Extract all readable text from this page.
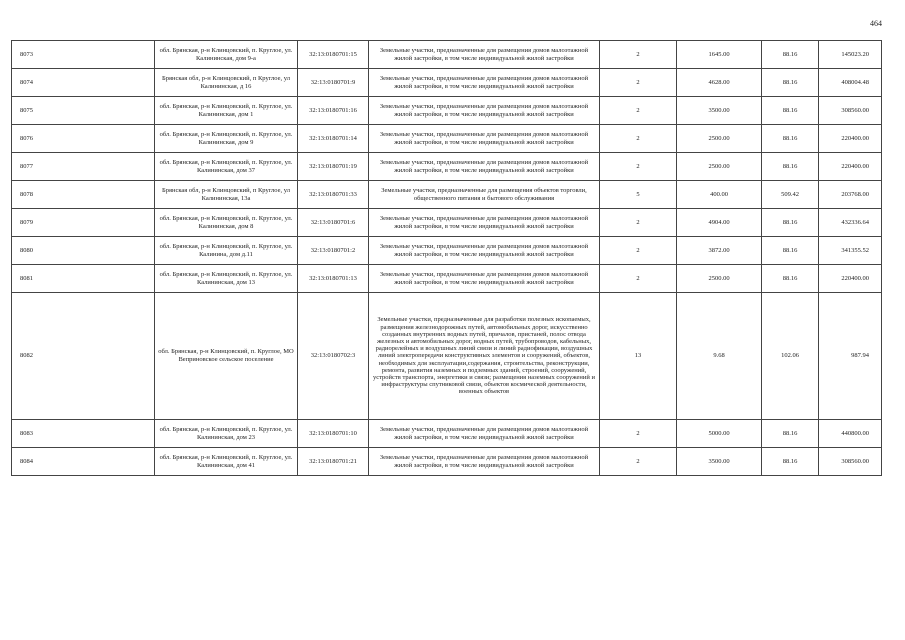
464
8073	обл. Брянская, р-н Клинцовский, п. Круглое, ул. Калининская, дом 9-а	32:13:0180701:15	Земельные участки, предназначенные для размещения домов малоэтажной жилой застройки, в том числе индивидуальной жилой застройки	2	1645.00	88.16	145023.20
8074	Брянская обл, р-н Клинцовский, п Круглое, ул Калининская, д 16	32:13:0180701:9	Земельные участки, предназначенные для размещения домов малоэтажной жилой застройки, в том числе индивидуальной жилой застройки	2	4628.00	88.16	408004.48
8075	обл. Брянская, р-н Клинцовский, п. Круглое, ул. Калининская, дом 1	32:13:0180701:16	Земельные участки, предназначенные для размещения домов малоэтажной жилой застройки, в том числе индивидуальной жилой застройки	2	3500.00	88.16	308560.00
8076	обл. Брянская, р-н Клинцовский, п. Круглое, ул. Калининская, дом 9	32:13:0180701:14	Земельные участки, предназначенные для размещения домов малоэтажной жилой застройки, в том числе индивидуальной жилой застройки	2	2500.00	88.16	220400.00
8077	обл. Брянская, р-н Клинцовский, п. Круглое, ул. Калининская, дом 37	32:13:0180701:19	Земельные участки, предназначенные для размещения домов малоэтажной жилой застройки, в том числе индивидуальной жилой застройки	2	2500.00	88.16	220400.00
8078	Брянская обл, р-н Клинцовский, п Круглое, ул Калининская, 13а	32:13:0180701:33	Земельные участки, предназначенные для размещения объектов торговли, общественного питания и бытового обслуживания	5	400.00	509.42	203768.00
8079	обл. Брянская, р-н Клинцовский, п. Круглое, ул. Калининская, дом 8	32:13:0180701:6	Земельные участки, предназначенные для размещения домов малоэтажной жилой застройки, в том числе индивидуальной жилой застройки	2	4904.00	88.16	432336.64
8080	обл. Брянская, р-н Клинцовский, п. Круглое, ул. Калинина, дом д.11	32:13:0180701:2	Земельные участки, предназначенные для размещения домов малоэтажной жилой застройки, в том числе индивидуальной жилой застройки	2	3872.00	88.16	341355.52
8081	обл. Брянская, р-н Клинцовский, п. Круглое, ул. Калининская, дом 13	32:13:0180701:13	Земельные участки, предназначенные для размещения домов малоэтажной жилой застройки, в том числе индивидуальной жилой застройки	2	2500.00	88.16	220400.00
8082	обл. Брянская, р-н Клинцовский, п. Круглое, МО Веприновское сельское поселение	32:13:0180702:3	Земельные участки, предназначенные для разработки полезных ископаемых, размещения железнодорожных путей, автомобильных дорог, искусственно созданных внутренних водных путей, причалов, пристаней, полос отвода железных и автомобильных дорог, водных путей, трубопроводов, кабельных, радиорелейных и воздушных линий связи и линий радиофикации, воздушных линий электропередачи конструктивных элементов и сооружений, объектов, необходимых для эксплуатации,содержания, строительства, реконструкции, ремонта, развития наземных и подземных зданий, строений, сооружений, устройств транспорта, энергетики и связи; размещения наземных сооружений и инфраструктуры спутниковой связи, объектов космической деятельности, военных объектов	13	9.68	102.06	987.94
8083	обл. Брянская, р-н Клинцовский, п. Круглое, ул. Калининская, дом 23	32:13:0180701:10	Земельные участки, предназначенные для размещения домов малоэтажной жилой застройки, в том числе индивидуальной жилой застройки	2	5000.00	88.16	440800.00
8084	обл. Брянская, р-н Клинцовский, п. Круглое, ул. Калининская, дом 41	32:13:0180701:21	Земельные участки, предназначенные для размещения домов малоэтажной жилой застройки, в том числе индивидуальной жилой застройки	2	3500.00	88.16	308560.00
